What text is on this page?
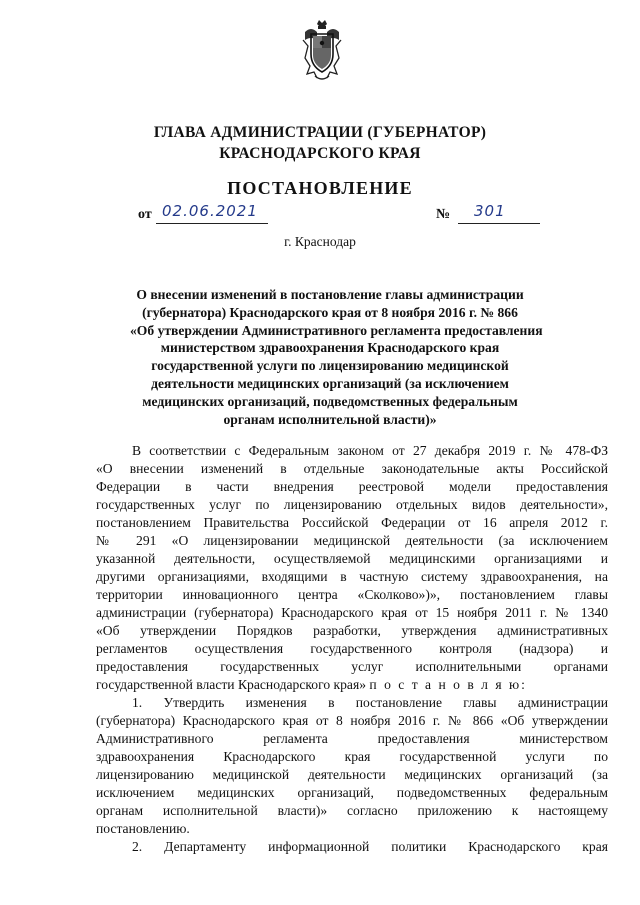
ГЛАВА АДМИНИСТРАЦИИ (ГУБЕРНАТОР)
КРАСНОДАРСКОГО КРАЯ
ПОСТАНОВЛЕНИЕ
от 02.06.2021	№ 301
г. Краснодар
О внесении изменений в постановление главы администрации
(губернатора) Краснодарского края от 8 ноября 2016 г. № 866
«Об утверждении Административного регламента предоставления
министерством здравоохранения Краснодарского края
государственной услуги по лицензированию медицинской
деятельности медицинских организаций (за исключением
медицинских организаций, подведомственных федеральным
органам исполнительной власти)»
В соответствии с Федеральным законом от 27 декабря 2019 г. № 478-ФЗ
«О внесении изменений в отдельные законодательные акты Российской
Федерации в части внедрения реестровой модели предоставления
государственных услуг по лицензированию отдельных видов деятельности»,
постановлением Правительства Российской Федерации от 16 апреля 2012 г.
№ 291 «О лицензировании медицинской деятельности (за исключением
указанной деятельности, осуществляемой медицинскими организациями и
другими организациями, входящими в частную систему здравоохранения, на
территории инновационного центра «Сколково»)», постановлением главы
администрации (губернатора) Краснодарского края от 15 ноября 2011 г. № 1340
«Об утверждении Порядков разработки, утверждения административных
регламентов осуществления государственного контроля (надзора) и
предоставления государственных услуг исполнительными органами
государственной власти Краснодарского края» п о с т а н о в л я ю:
1. Утвердить изменения в постановление главы администрации
(губернатора) Краснодарского края от 8 ноября 2016 г. № 866 «Об утверждении
Административного регламента предоставления министерством
здравоохранения Краснодарского края государственной услуги по
лицензированию медицинской деятельности медицинских организаций (за
исключением медицинских организаций, подведомственных федеральным
органам исполнительной власти)» согласно приложению к настоящему
постановлению.
2. Департаменту информационной политики Краснодарского края
